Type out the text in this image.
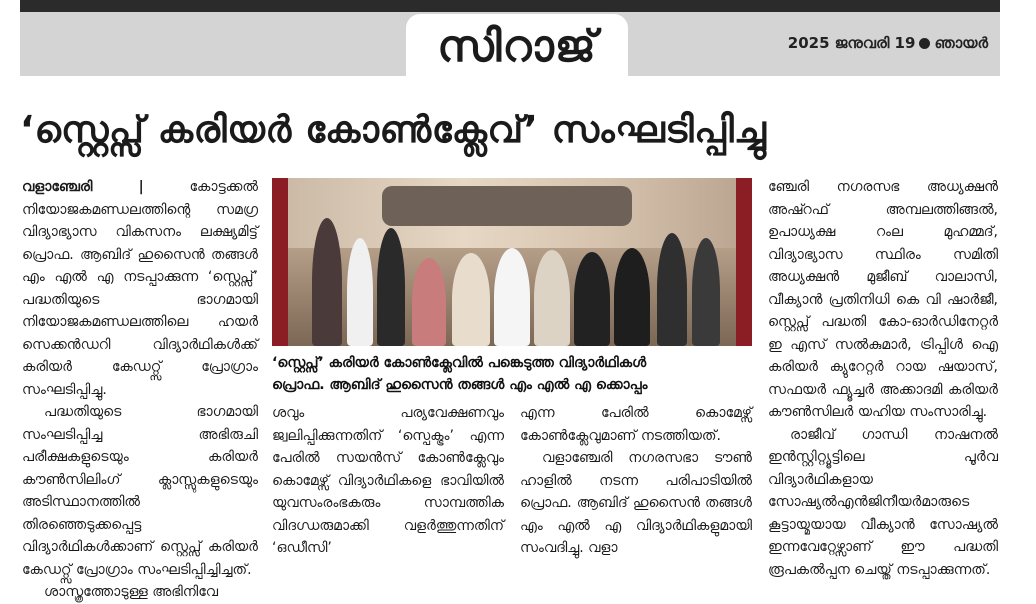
സിറാജ്	2025 ജനുവരി 19 ഞായർ
‘സ്റ്റെപ്സ് കരിയർ കോൺക്ലേവ്’ സംഘടിപ്പിച്ചു

വളാഞ്ചേരി |	കോട്ടക്കൽ നിയോജകമണ്ഡലത്തിന്റെ സമഗ്ര വിദ്യാഭ്യാസ വികസനം ലക്ഷ്യമിട്ട് പ്രൊഫ. ആബിദ് ഹുസൈൻ തങ്ങൾ എം എൽ എ നടപ്പാക്കുന്ന ‘സ്റ്റെപ്സ്’ പദ്ധതിയുടെ ഭാഗമായി നിയോജകമണ്ഡലത്തിലെ ഹയർ സെക്കൻഡറി വിദ്യാർഥികൾക്ക് കരിയർ കേഡറ്റ്സ് പ്രോഗ്രാം സംഘടിപ്പിച്ചു.

പദ്ധതിയുടെ ഭാഗമായി സംഘടിപ്പിച്ച അഭിരുചി പരീക്ഷകളുടെയും കരിയർ കൗൺസിലിംഗ് ക്ലാസ്സുകളുടെയും അടിസ്ഥാനത്തിൽ തിരഞ്ഞെടുക്കപ്പെട്ട വിദ്യാർഥികൾക്കാണ് സ്റ്റെപ്സ് കരിയർ കേഡറ്റ്സ് പ്രോഗ്രാം സംഘടിപ്പിച്ചിച്ചത്.

ശാസ്ത്രത്തോടുള്ള അഭിനിവേ

‘സ്റ്റെപ്സ്’ കരിയർ കോൺക്ലേവിൽ പങ്കെടുത്ത വിദ്യാർഥികൾ
പ്രൊഫ. ആബിദ് ഹുസൈൻ തങ്ങൾ എം എൽ എ ക്കൊപ്പം

ശവും പര്യവേക്ഷണവും ജ്വലിപ്പിക്കുന്നതിന് ‘സ്പെക്ട്രം’ എന്ന പേരിൽ സയൻസ് കോൺക്ലേവും കൊമേഴ്സ് വിദ്യാർഥികളെ ഭാവിയിൽ യുവസംരംഭകരും സാമ്പത്തിക വിദഗ്ധരുമാക്കി വളർത്തുന്നതിന് ‘ഒഡീസി’

എന്ന പേരിൽ കൊമേഴ്സ് കോൺക്ലേവുമാണ് നടത്തിയത്.

വളാഞ്ചേരി നഗരസഭാ ടൗൺ ഹാളിൽ നടന്ന പരിപാടിയിൽ പ്രൊഫ. ആബിദ് ഹുസൈൻ തങ്ങൾ എം എൽ എ വിദ്യാർഥികളുമായി സംവദിച്ചു. വളാ

ഞ്ചേരി നഗരസഭ അധ്യക്ഷൻ അഷ്റഫ് അമ്പലത്തിങ്ങൽ, ഉപാധ്യക്ഷ റംല മുഹമ്മദ്, വിദ്യാഭ്യാസ സ്ഥിരം സമിതി അധ്യക്ഷൻ മുജീബ് വാലാസി, വീക്യാൻ പ്രതിനിധി കെ വി ഷാർജീ, സ്റ്റെപ്സ് പദ്ധതി കോ-ഓർഡിനേറ്റർ ഇ എസ് സൽകുമാർ, ട്രിപ്പിൾ ഐ കരിയർ ക്യുറേറ്റർ റായ ഷയാസ്, സഫയർ ഫ്യൂച്ചർ അക്കാദമി കരിയർ കൗൺസിലർ യഹിയ സംസാരിച്ചു.

രാജീവ് ഗാന്ധി നാഷനൽ ഇൻസ്റ്റിറ്റ്യൂട്ടിലെ പൂർവ വിദ്യാർഥികളായ സോഷ്യൽഎൻജിനീയർമാരുടെ കൂട്ടായ്മയായ വീക്യാൻ സോഷ്യൽ ഇന്നവേറ്റേഴ്സാണ് ഈ പദ്ധതി രൂപകൽപ്പന ചെയ്ത് നടപ്പാക്കുന്നത്.
